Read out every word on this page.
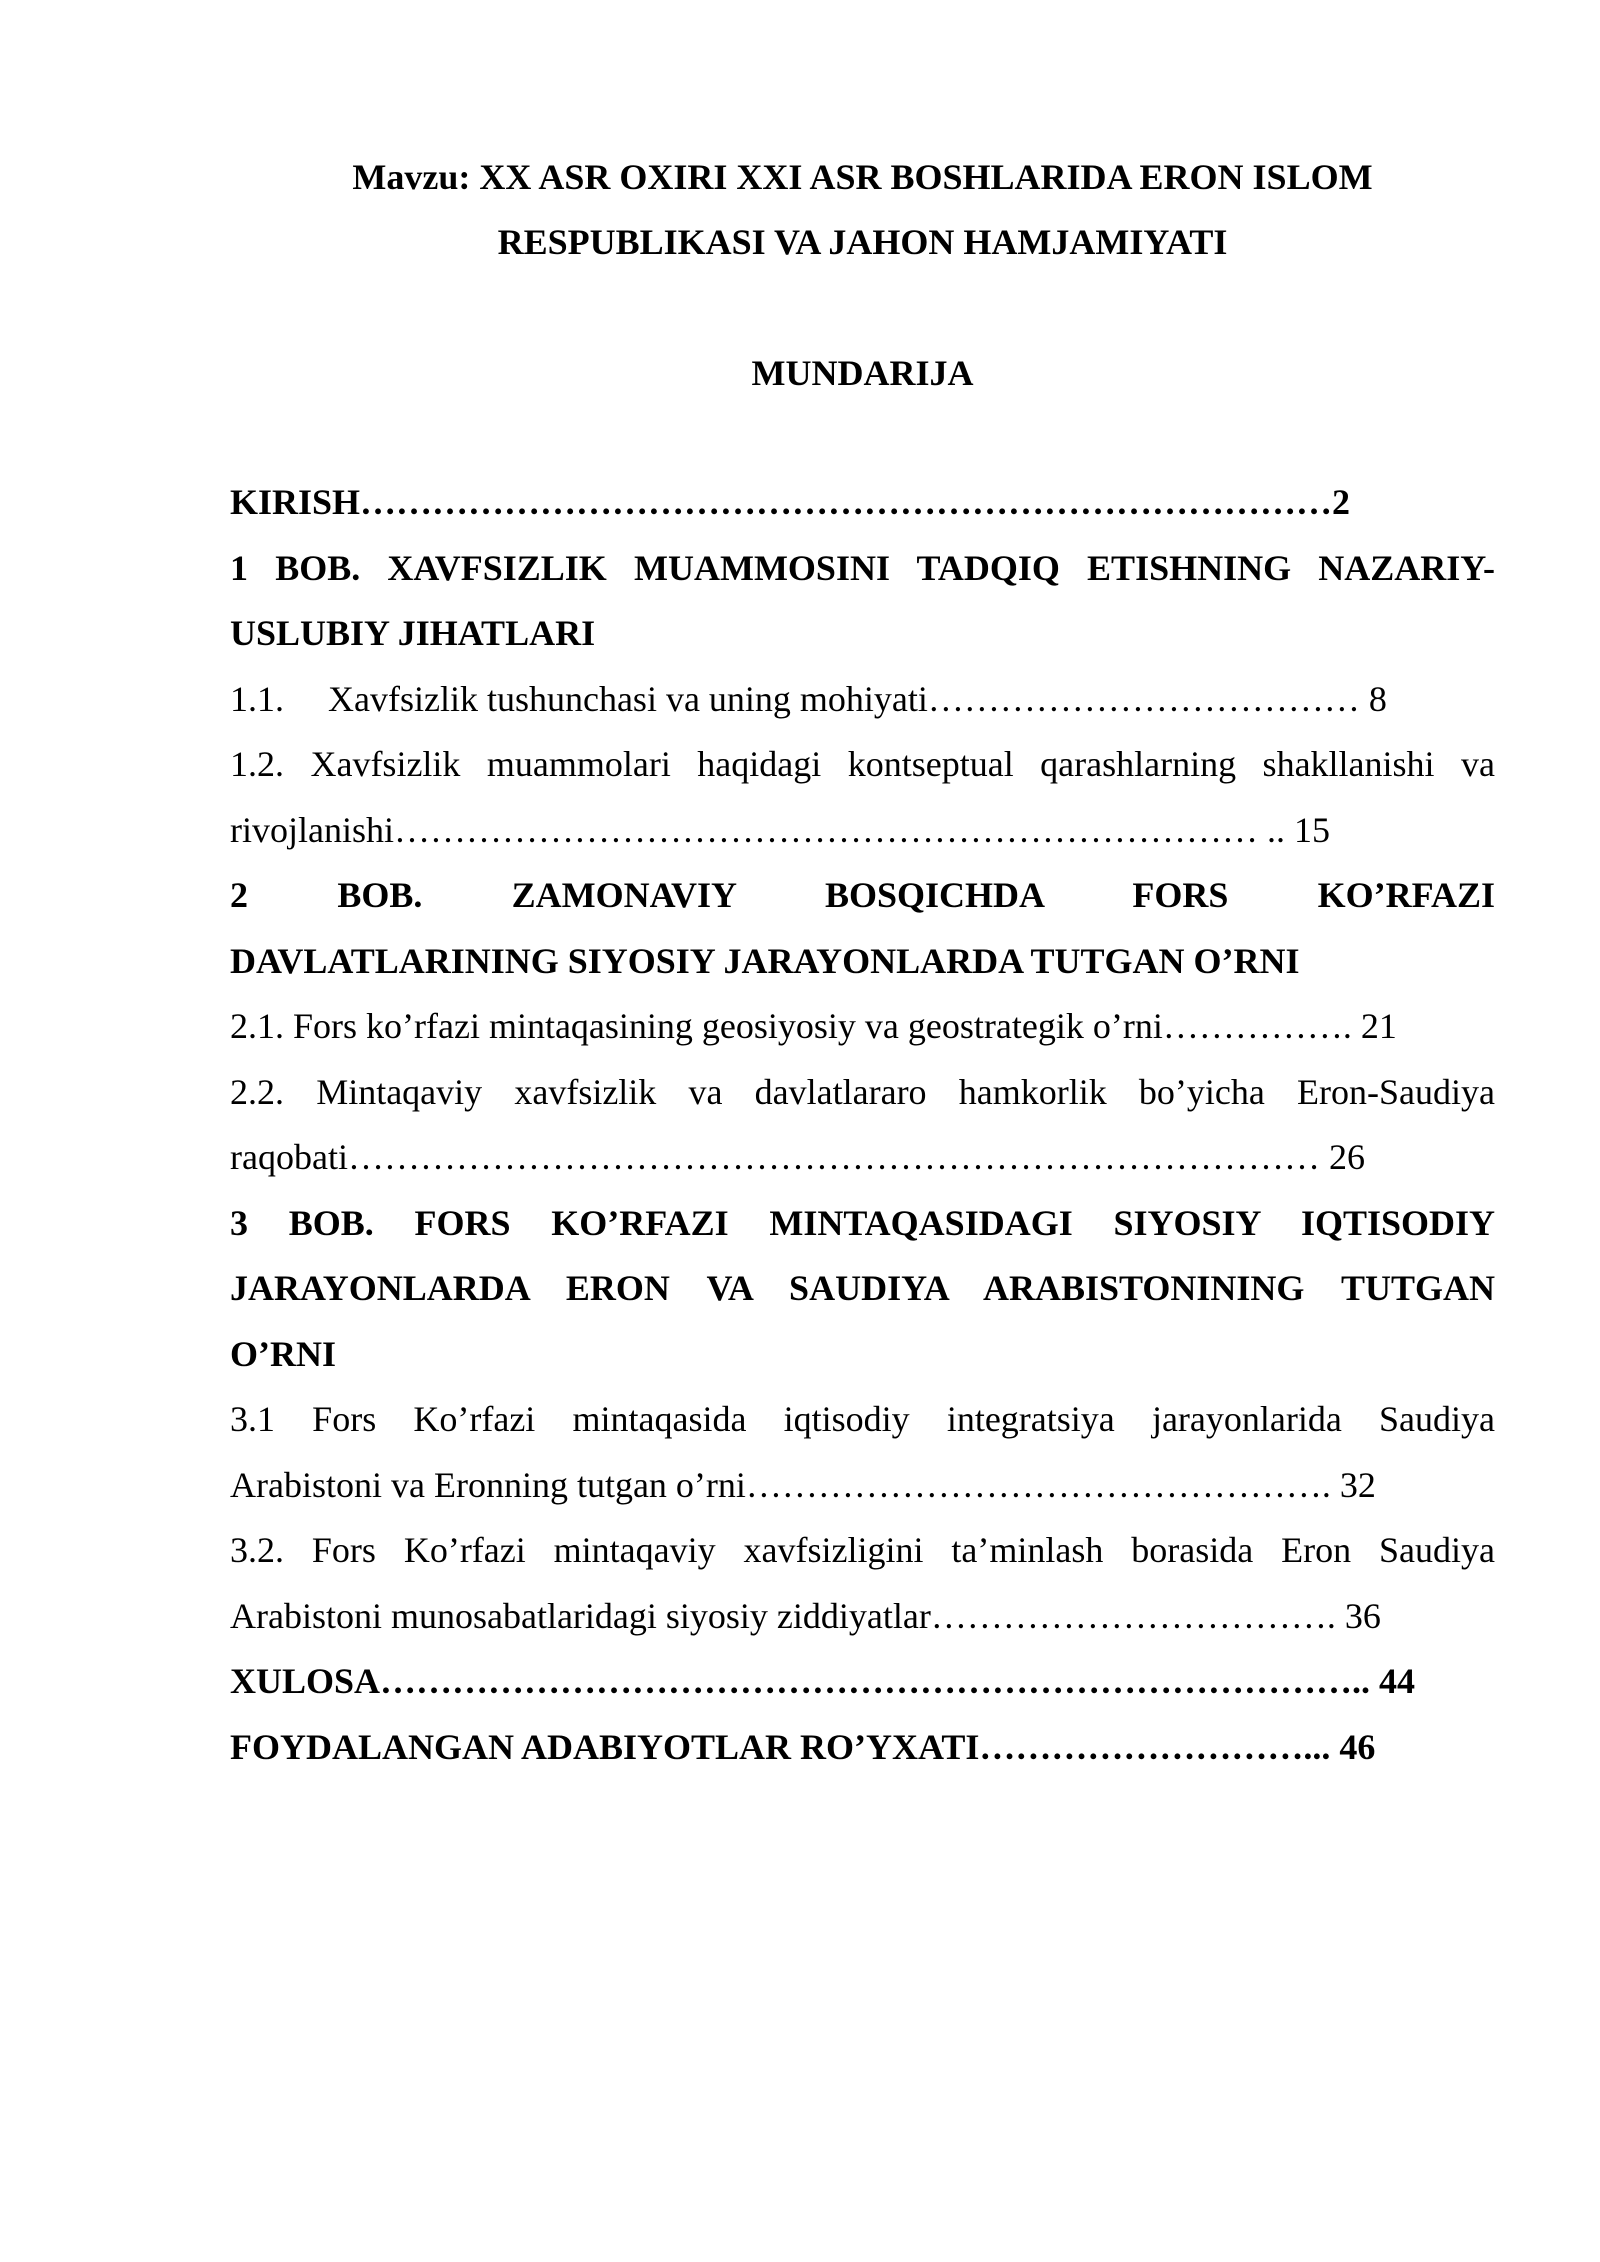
Mavzu: XX ASR OXIRI XXI ASR BOSHLARIDA ERON ISLOM
RESPUBLIKASI VA JAHON HAMJAMIYATI
MUNDARIJA
KIRISH………………………………………………………………………2
1 BOB. XAVFSIZLIK MUAMMOSINI TADQIQ ETISHNING NAZARIY-
USLUBIY JIHATLARI
1.1. Xavfsizlik tushunchasi va uning mohiyati……………………………… 8
1.2. Xavfsizlik muammolari haqidagi kontseptual qarashlarning shakllanishi va
rivojlanishi……………………………………………………………… .. 15
2 BOB. ZAMONAVIY BOSQICHDA FORS KO’RFAZI
DAVLATLARINING SIYOSIY JARAYONLARDA TUTGAN O’RNI
2.1. Fors ko’rfazi mintaqasining geosiyosiy va geostrategik o’rni……………. 21
2.2. Mintaqaviy xavfsizlik va davlatlararo hamkorlik bo’yicha Eron-Saudiya
raqobati……………………………………………………………………… 26
3 BOB. FORS KO’RFAZI MINTAQASIDAGI SIYOSIY IQTISODIY
JARAYONLARDA ERON VA SAUDIYA ARABISTONINING TUTGAN
O’RNI
3.1 Fors Ko’rfazi mintaqasida iqtisodiy integratsiya jarayonlarida Saudiya
Arabistoni va Eronning tutgan o’rni…………………………………………. 32
3.2. Fors Ko’rfazi mintaqaviy xavfsizligini ta’minlash borasida Eron Saudiya
Arabistoni munosabatlaridagi siyosiy ziddiyatlar……………………………. 36
XULOSA……………………………………………………………………….. 44
FOYDALANGAN ADABIYOTLAR RO’YXATI………………………... 46
